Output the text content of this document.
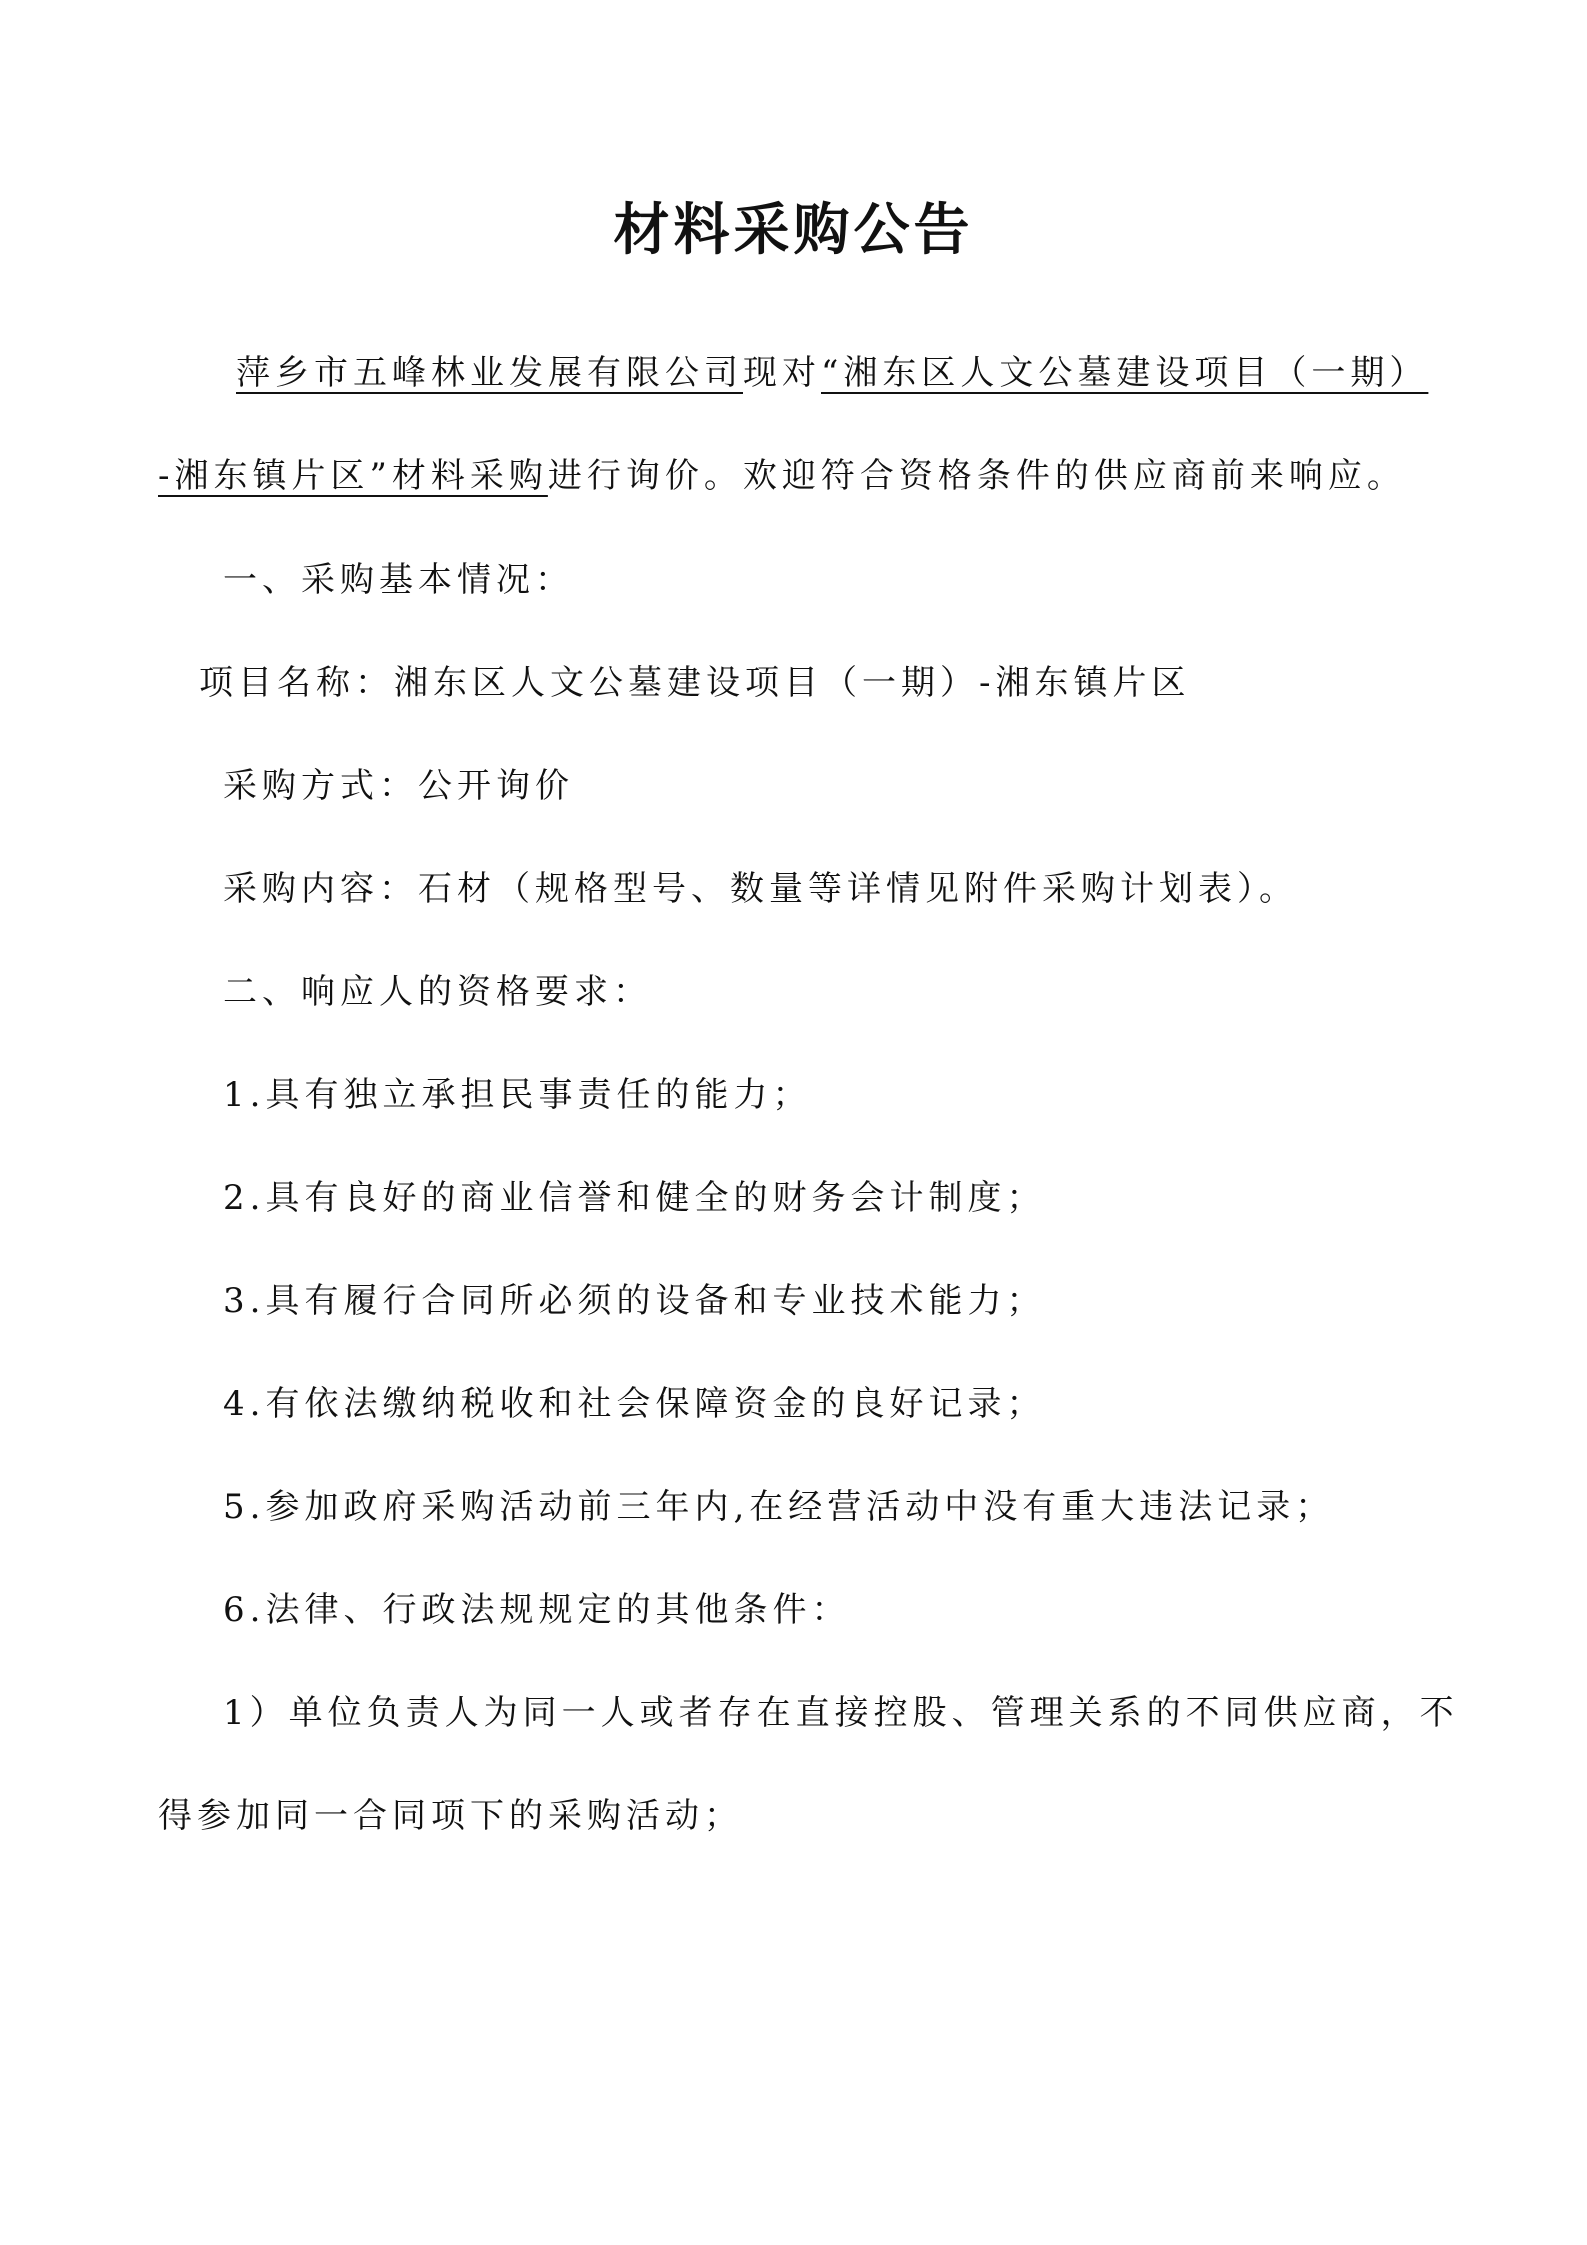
材料采购公告
萍乡市五峰林业发展有限公司现对“湘东区人文公墓建设项目（一期）
-湘东镇片区”材料采购进行询价。欢迎符合资格条件的供应商前来响应。
一、采购基本情况：
项目名称：湘东区人文公墓建设项目（一期）-湘东镇片区
采购方式：公开询价
采购内容：石材（规格型号、数量等详情见附件采购计划表）。
二、响应人的资格要求：
1.具有独立承担民事责任的能力；
2.具有良好的商业信誉和健全的财务会计制度；
3.具有履行合同所必须的设备和专业技术能力；
4.有依法缴纳税收和社会保障资金的良好记录；
5.参加政府采购活动前三年内,在经营活动中没有重大违法记录；
6.法律、行政法规规定的其他条件：
1）单位负责人为同一人或者存在直接控股、管理关系的不同供应商，不
得参加同一合同项下的采购活动；
